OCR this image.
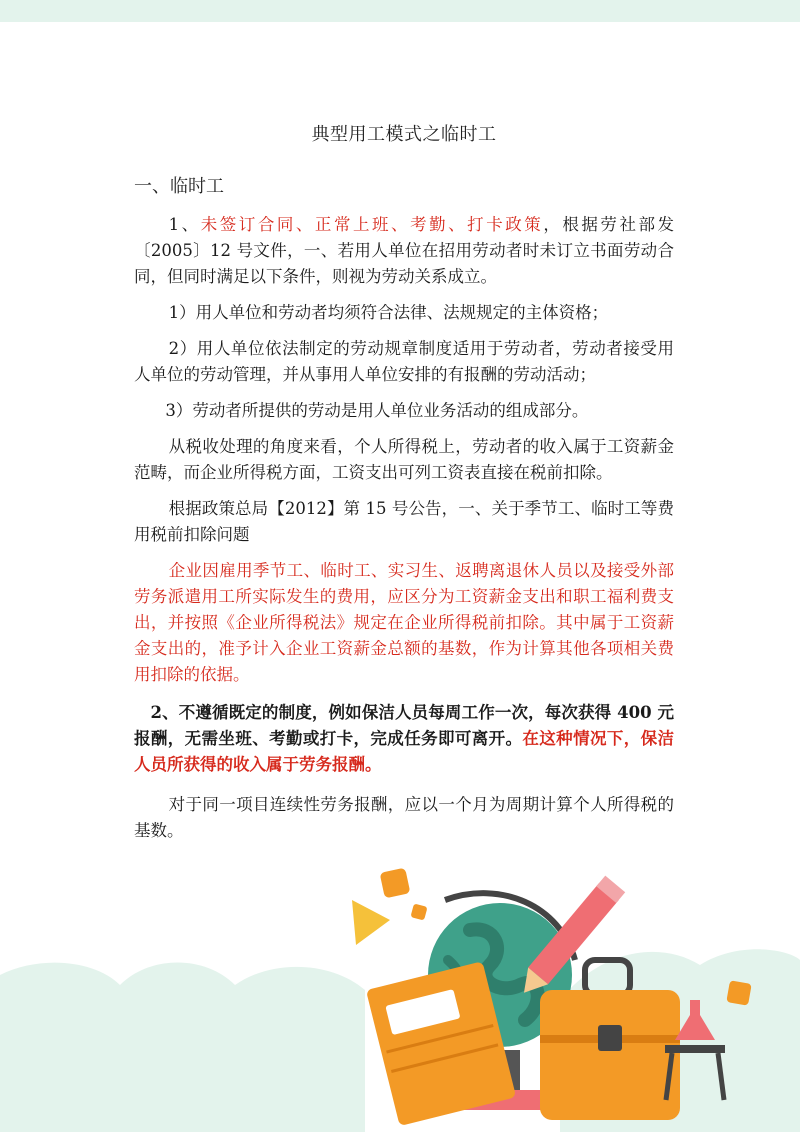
典型用工模式之临时工
一、临时工

1、未签订合同、正常上班、考勤、打卡政策，根据劳社部发〔2005〕12 号文件，一、若用人单位在招用劳动者时未订立书面劳动合同，但同时满足以下条件，则视为劳动关系成立。

1）用人单位和劳动者均须符合法律、法规规定的主体资格；

2）用人单位依法制定的劳动规章制度适用于劳动者，劳动者接受用人单位的劳动管理，并从事用人单位安排的有报酬的劳动活动；

3）劳动者所提供的劳动是用人单位业务活动的组成部分。

从税收处理的角度来看，个人所得税上，劳动者的收入属于工资薪金范畴，而企业所得税方面，工资支出可列工资表直接在税前扣除。

根据政策总局【2012】第 15 号公告，一、关于季节工、临时工等费用税前扣除问题

企业因雇用季节工、临时工、实习生、返聘离退休人员以及接受外部劳务派遣用工所实际发生的费用，应区分为工资薪金支出和职工福利费支出，并按照《企业所得税法》规定在企业所得税前扣除。其中属于工资薪金支出的，准予计入企业工资薪金总额的基数，作为计算其他各项相关费用扣除的依据。

2、不遵循既定的制度，例如保洁人员每周工作一次，每次获得 400 元报酬，无需坐班、考勤或打卡，完成任务即可离开。在这种情况下，保洁人员所获得的收入属于劳务报酬。

对于同一项目连续性劳务报酬，应以一个月为周期计算个人所得税的基数。
